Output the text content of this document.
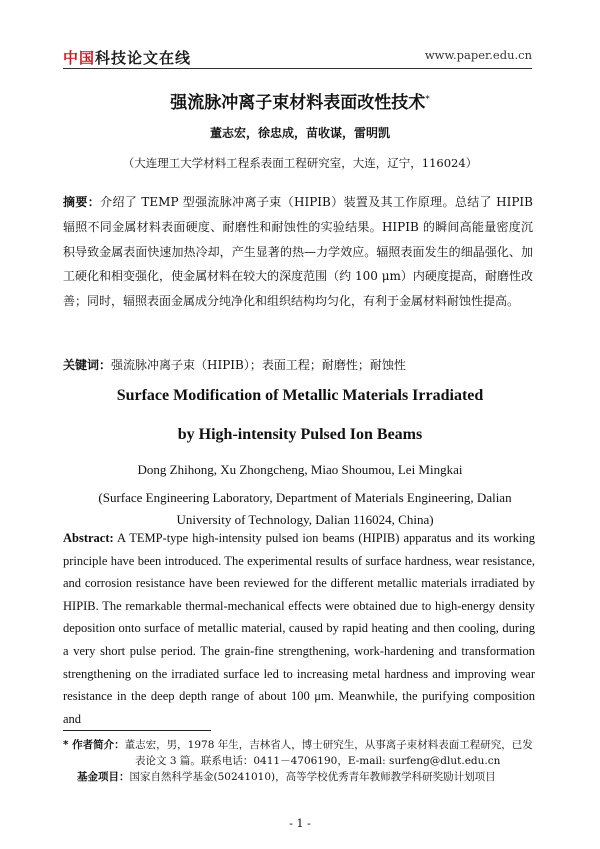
中国科技论文在线	www.paper.edu.cn
强流脉冲离子束材料表面改性技术*
董志宏，徐忠成，苗收谋，雷明凯
（大连理工大学材料工程系表面工程研究室，大连，辽宁，116024）
摘要：介绍了 TEMP 型强流脉冲离子束（HIPIB）装置及其工作原理。总结了 HIPIB 辐照不同金属材料表面硬度、耐磨性和耐蚀性的实验结果。HIPIB 的瞬间高能量密度沉积导致金属表面快速加热冷却，产生显著的热—力学效应。辐照表面发生的细晶强化、加工硬化和相变强化，使金属材料在较大的深度范围（约 100 μm）内硬度提高，耐磨性改善；同时，辐照表面金属成分纯净化和组织结构均匀化，有利于金属材料耐蚀性提高。
关键词：强流脉冲离子束（HIPIB）；表面工程；耐磨性；耐蚀性
Surface Modification of Metallic Materials Irradiated
by High-intensity Pulsed Ion Beams
Dong Zhihong, Xu Zhongcheng, Miao Shoumou, Lei Mingkai
(Surface Engineering Laboratory, Department of Materials Engineering, Dalian University of Technology, Dalian 116024, China)
Abstract: A TEMP-type high-intensity pulsed ion beams (HIPIB) apparatus and its working principle have been introduced. The experimental results of surface hardness, wear resistance, and corrosion resistance have been reviewed for the different metallic materials irradiated by HIPIB. The remarkable thermal-mechanical effects were obtained due to high-energy density deposition onto surface of metallic material, caused by rapid heating and then cooling, during a very short pulse period. The grain-fine strengthening, work-hardening and transformation strengthening on the irradiated surface led to increasing metal hardness and improving wear resistance in the deep depth range of about 100 μm. Meanwhile, the purifying composition and
* 作者简介：董志宏，男，1978 年生，吉林省人，博士研究生，从事离子束材料表面工程研究，已发
表论文 3 篇。联系电话：0411－4706190，E-mail: surfeng@dlut.edu.cn
基金项目：国家自然科学基金(50241010)，高等学校优秀青年教师教学科研奖励计划项目
- 1 -
